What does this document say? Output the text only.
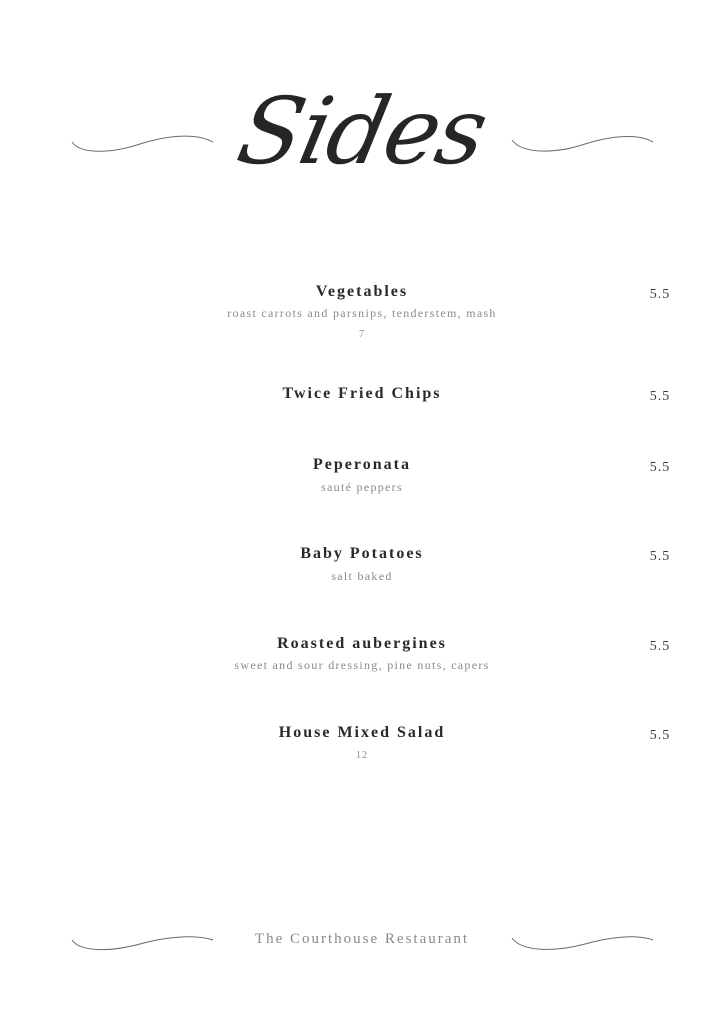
Sides
Vegetables
roast carrots and parsnips, tenderstem, mash
7
5.5
Twice Fried Chips	5.5
Peperonata
sauté peppers
5.5
Baby Potatoes
salt baked
5.5
Roasted aubergines
sweet and sour dressing, pine nuts, capers
5.5
House Mixed Salad
12
5.5
The Courthouse Restaurant
